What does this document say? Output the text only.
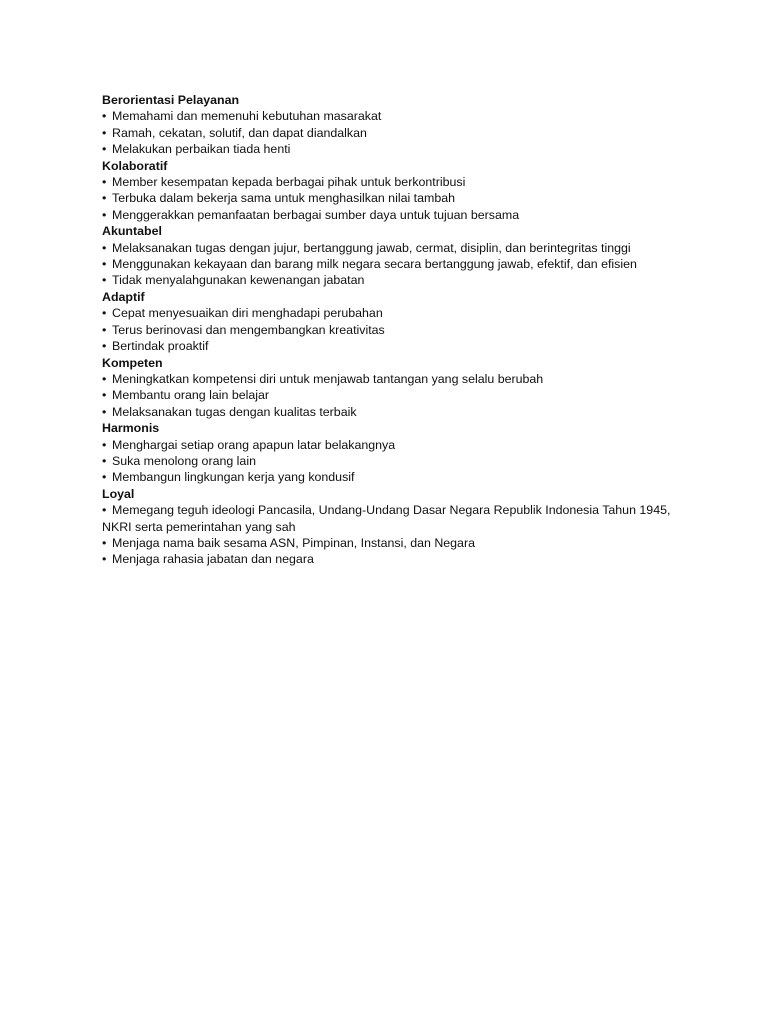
Berorientasi Pelayanan

• Memahami dan memenuhi kebutuhan masarakat

• Ramah, cekatan, solutif, dan dapat diandalkan

• Melakukan perbaikan tiada henti

Kolaboratif

• Member kesempatan kepada berbagai pihak untuk berkontribusi

• Terbuka dalam bekerja sama untuk menghasilkan nilai tambah

• Menggerakkan pemanfaatan berbagai sumber daya untuk tujuan bersama

Akuntabel

• Melaksanakan tugas dengan jujur, bertanggung jawab, cermat, disiplin, dan berintegritas tinggi

• Menggunakan kekayaan dan barang milk negara secara bertanggung jawab, efektif, dan efisien

• Tidak menyalahgunakan kewenangan jabatan

Adaptif

• Cepat menyesuaikan diri menghadapi perubahan

• Terus berinovasi dan mengembangkan kreativitas

• Bertindak proaktif

Kompeten

• Meningkatkan kompetensi diri untuk menjawab tantangan yang selalu berubah

• Membantu orang lain belajar

• Melaksanakan tugas dengan kualitas terbaik

Harmonis

• Menghargai setiap orang apapun latar belakangnya

• Suka menolong orang lain

• Membangun lingkungan kerja yang kondusif

Loyal

• Memegang teguh ideologi Pancasila, Undang-Undang Dasar Negara Republik Indonesia Tahun 1945, NKRI serta pemerintahan yang sah

• Menjaga nama baik sesama ASN, Pimpinan, Instansi, dan Negara

• Menjaga rahasia jabatan dan negara
